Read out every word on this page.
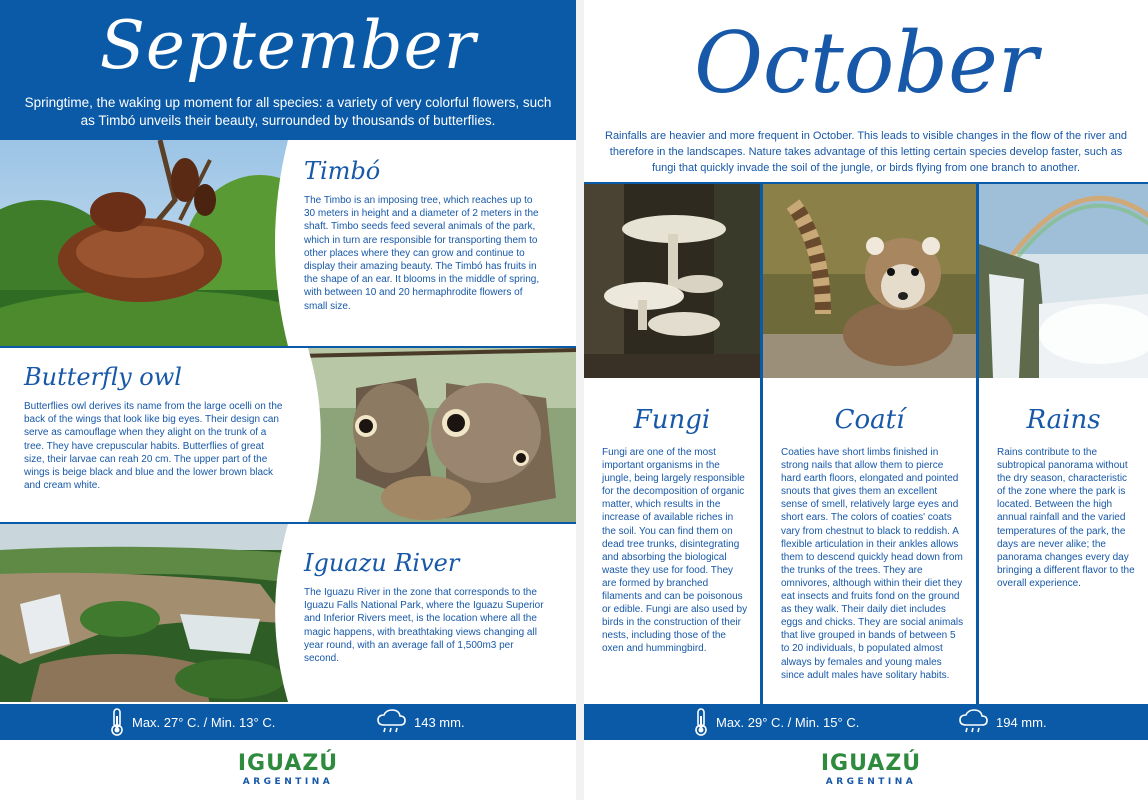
September
Springtime, the waking up moment for all species: a variety of very colorful flowers, such as Timbó unveils their beauty, surrounded by thousands of butterflies.
Timbó
The Timbo is an imposing tree, which reaches up to 30 meters in height and a diameter of 2 meters in the shaft. Timbo seeds feed several animals of the park, which in turn are responsible for transporting them to other places where they can grow and continue to display their amazing beauty. The Timbó has fruits in the shape of an ear. It blooms in the middle of spring, with between 10 and 20 hermaphrodite flowers of small size.
Butterfly owl
Butterflies owl derives its name from the large ocelli on the back of the wings that look like big eyes. Their design can serve as camouflage when they alight on the trunk of a tree. They have crepuscular habits. Butterflies of great size, their larvae can reah 20 cm. The upper part of the wings is beige black and blue and the lower brown black and cream white.
Iguazu River
The Iguazu River in the zone that corresponds to the Iguazu Falls National Park, where the Iguazu Superior and Inferior Rivers meet, is the location where all the magic happens, with breathtaking views changing all year round, with an average fall of 1,500m3 per second.
Max. 27° C. / Min. 13° C.	143 mm.
IGUAZÚ
ARGENTINA
October
Rainfalls are heavier and more frequent in October. This leads to visible changes in the flow of the river and therefore in the landscapes. Nature takes advantage of this letting certain species develop faster, such as fungi that quickly invade the soil of the jungle, or birds flying from one branch to another.
Fungi
Fungi are one of the most important organisms in the jungle, being largely responsible for the decomposition of organic matter, which results in the increase of available riches in the soil. You can find them on dead tree trunks, disintegrating and absorbing the biological waste they use for food. They are formed by branched filaments and can be poisonous or edible. Fungi are also used by birds in the construction of their nests, including those of the oxen and hummingbird.
Coatí
Coaties have short limbs finished in strong nails that allow them to pierce hard earth floors, elongated and pointed snouts that gives them an excellent sense of smell, relatively large eyes and short ears. The colors of coaties' coats vary from chestnut to black to reddish. A flexible articulation in their ankles allows them to descend quickly head down from the trunks of the trees. They are omnivores, although within their diet they eat insects and fruits fond on the ground as they walk. Their daily diet includes eggs and chicks. They are social animals that live grouped in bands of between 5 to 20 individuals, b populated almost always by females and young males since adult males have solitary habits.
Rains
Rains contribute to the subtropical panorama without the dry season, characteristic of the zone where the park is located. Between the high annual rainfall and the varied temperatures of the park, the days are never alike; the panorama changes every day bringing a different flavor to the overall experience.
Max. 29° C. / Min. 15° C.	194 mm.
IGUAZÚ
ARGENTINA
